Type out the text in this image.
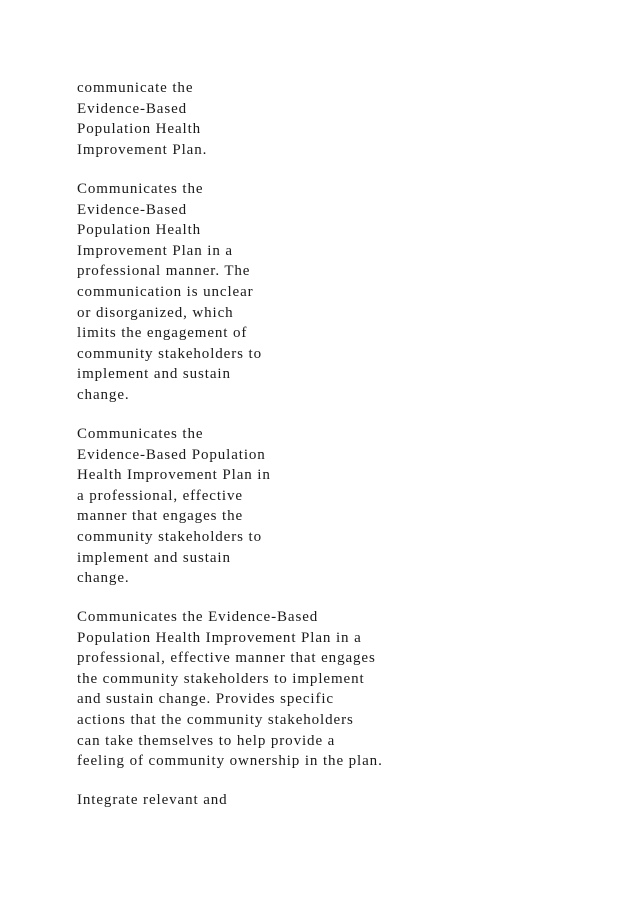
communicate the
Evidence-Based
Population Health
Improvement Plan.

Communicates the
Evidence-Based
Population Health
Improvement Plan in a
professional manner. The
communication is unclear
or disorganized, which
limits the engagement of
community stakeholders to
implement and sustain
change.

Communicates the
Evidence-Based Population
Health Improvement Plan in
a professional, effective
manner that engages the
community stakeholders to
implement and sustain
change.

Communicates the Evidence-Based
Population Health Improvement Plan in a
professional, effective manner that engages
the community stakeholders to implement
and sustain change. Provides specific
actions that the community stakeholders
can take themselves to help provide a
feeling of community ownership in the plan.

Integrate relevant and
